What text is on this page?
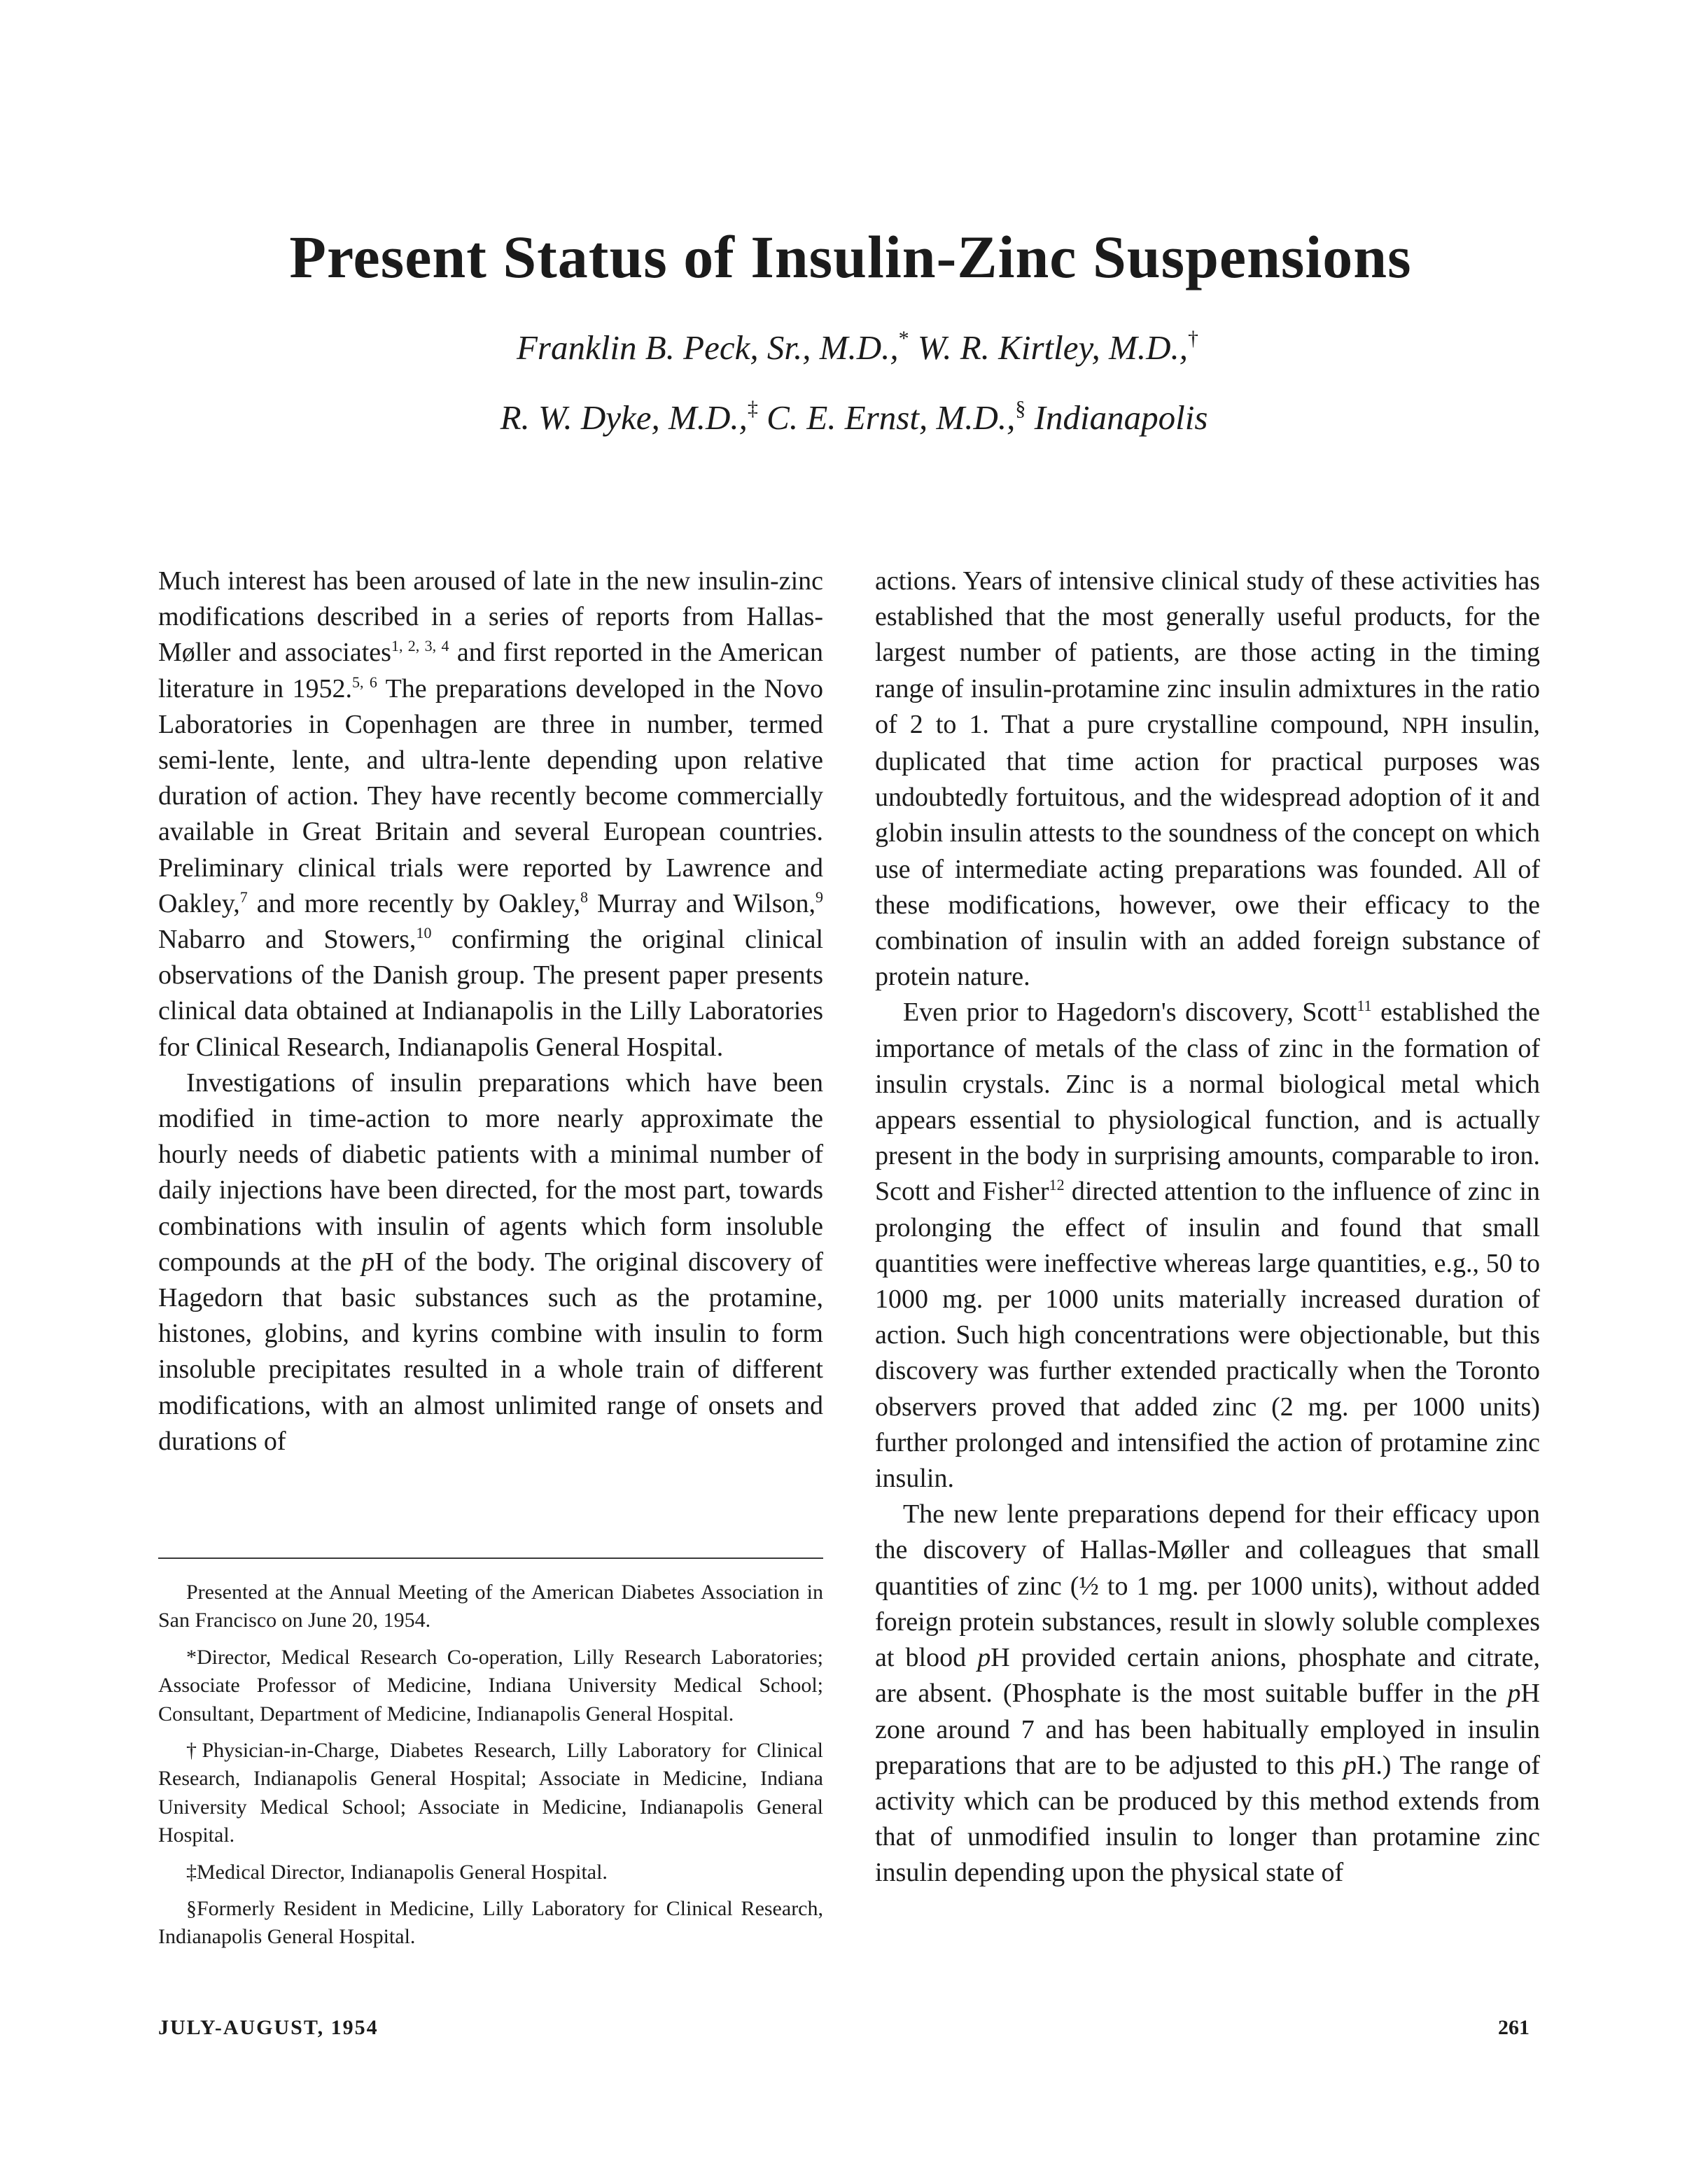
Present Status of Insulin-Zinc Suspensions
Franklin B. Peck, Sr., M.D.,* W. R. Kirtley, M.D.,†
R. W. Dyke, M.D.,‡ C. E. Ernst, M.D.,§ Indianapolis

Much interest has been aroused of late in the new insulin-zinc modifications described in a series of reports from Hallas-Møller and associates$^{1, 2, 3, 4}$ and first reported in the American literature in 1952.$^{5, 6}$ The preparations developed in the Novo Laboratories in Copenhagen are three in number, termed semi-lente, lente, and ultra-lente depending upon relative duration of action. They have recently become commercially available in Great Britain and several European countries. Preliminary clinical trials were reported by Lawrence and Oakley,$^7$ and more recently by Oakley,$^8$ Murray and Wilson,$^9$ Nabarro and Stowers,$^{10}$ confirming the original clinical observations of the Danish group. The present paper presents clinical data obtained at Indianapolis in the Lilly Laboratories for Clinical Research, Indianapolis General Hospital.

Investigations of insulin preparations which have been modified in time-action to more nearly approximate the hourly needs of diabetic patients with a minimal number of daily injections have been directed, for the most part, towards combinations with insulin of agents which form insoluble compounds at the pH of the body. The original discovery of Hagedorn that basic substances such as the protamine, histones, globins, and kyrins combine with insulin to form insoluble precipitates resulted in a whole train of different modifications, with an almost unlimited range of onsets and durations of

actions. Years of intensive clinical study of these activities has established that the most generally useful products, for the largest number of patients, are those acting in the timing range of insulin-protamine zinc insulin admixtures in the ratio of 2 to 1. That a pure crystalline compound, NPH insulin, duplicated that time action for practical purposes was undoubtedly fortuitous, and the widespread adoption of it and globin insulin attests to the soundness of the concept on which use of intermediate acting preparations was founded. All of these modifications, however, owe their efficacy to the combination of insulin with an added foreign substance of protein nature.

Even prior to Hagedorn's discovery, Scott$^{11}$ established the importance of metals of the class of zinc in the formation of insulin crystals. Zinc is a normal biological metal which appears essential to physiological function, and is actually present in the body in surprising amounts, comparable to iron. Scott and Fisher$^{12}$ directed attention to the influence of zinc in prolonging the effect of insulin and found that small quantities were ineffective whereas large quantities, e.g., 50 to 1000 mg. per 1000 units materially increased duration of action. Such high concentrations were objectionable, but this discovery was further extended practically when the Toronto observers proved that added zinc (2 mg. per 1000 units) further prolonged and intensified the action of protamine zinc insulin.

The new lente preparations depend for their efficacy upon the discovery of Hallas-Møller and colleagues that small quantities of zinc (½ to 1 mg. per 1000 units), without added foreign protein substances, result in slowly soluble complexes at blood pH provided certain anions, phosphate and citrate, are absent. (Phosphate is the most suitable buffer in the pH zone around 7 and has been habitually employed in insulin preparations that are to be adjusted to this pH.) The range of activity which can be produced by this method extends from that of unmodified insulin to longer than protamine zinc insulin depending upon the physical state of

Presented at the Annual Meeting of the American Diabetes Association in San Francisco on June 20, 1954.

*Director, Medical Research Co-operation, Lilly Research Laboratories; Associate Professor of Medicine, Indiana University Medical School; Consultant, Department of Medicine, Indianapolis General Hospital.

†Physician-in-Charge, Diabetes Research, Lilly Laboratory for Clinical Research, Indianapolis General Hospital; Associate in Medicine, Indiana University Medical School; Associate in Medicine, Indianapolis General Hospital.

‡Medical Director, Indianapolis General Hospital.

§Formerly Resident in Medicine, Lilly Laboratory for Clinical Research, Indianapolis General Hospital.

JULY-AUGUST, 1954	261
